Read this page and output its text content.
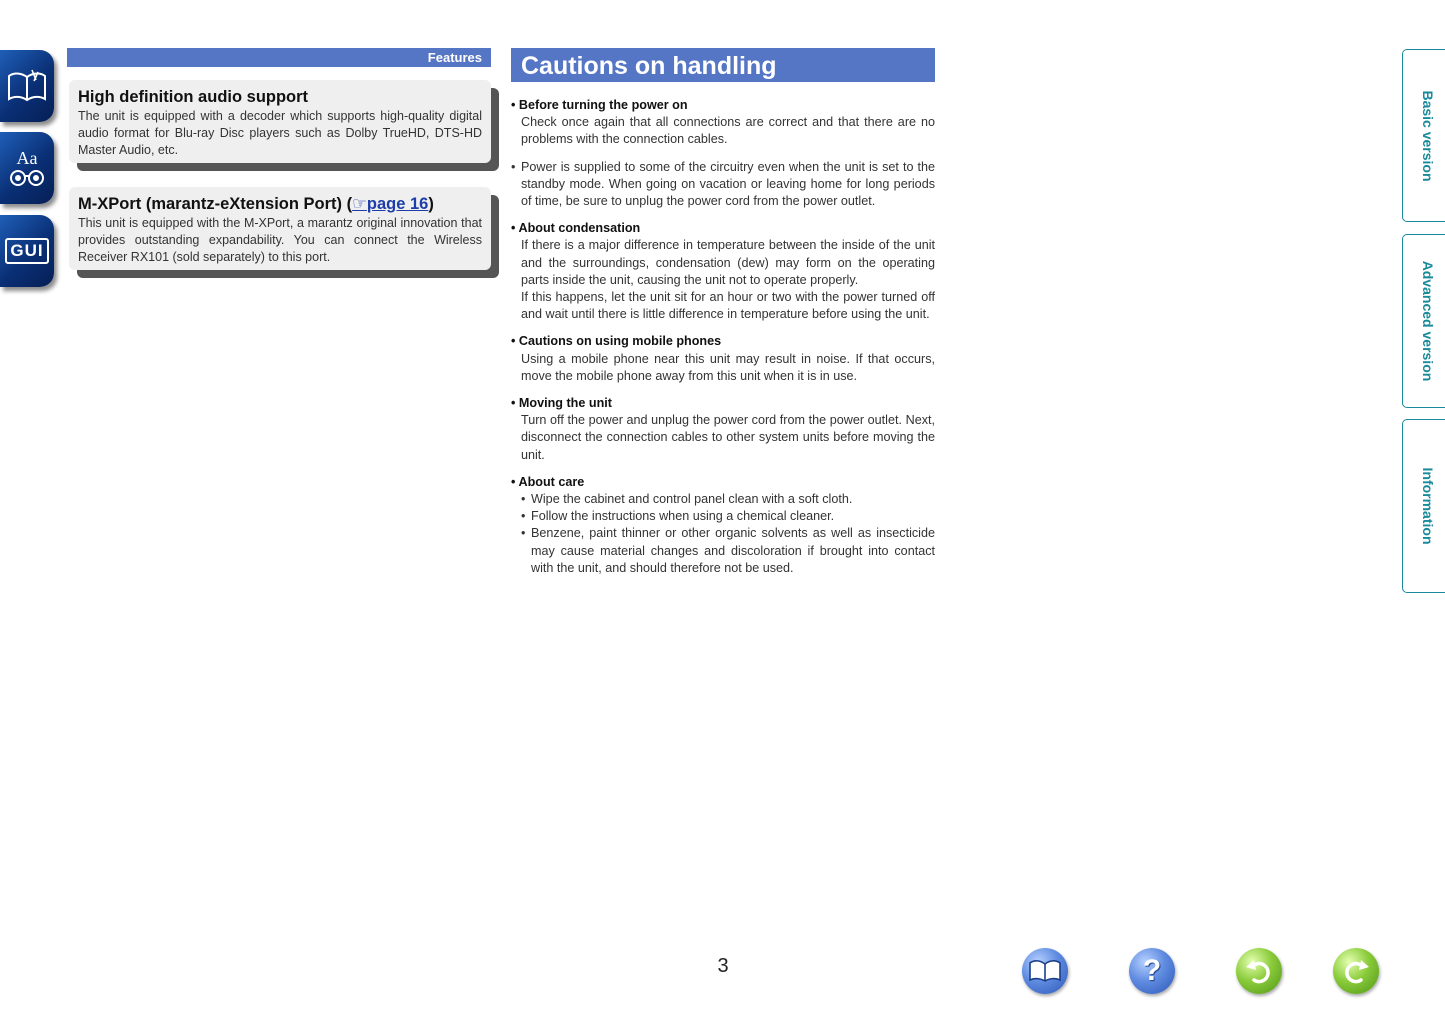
Aa
GUI
Features
High definition audio support
The unit is equipped with a decoder which supports high-quality digital audio format for Blu-ray Disc players such as Dolby TrueHD, DTS-HD Master Audio, etc.
M-XPort (marantz-eXtension Port) (☞page 16)
This unit is equipped with the M-XPort, a marantz original innovation that provides outstanding expandability. You can connect the Wireless Receiver RX101 (sold separately) to this port.
Cautions on handling
• Before turning the power on
Check once again that all connections are correct and that there are no problems with the connection cables.
• Power is supplied to some of the circuitry even when the unit is set to the standby mode. When going on vacation or leaving home for long periods of time, be sure to unplug the power cord from the power outlet.
• About condensation
If there is a major difference in temperature between the inside of the unit and the surroundings, condensation (dew) may form on the operating parts inside the unit, causing the unit not to operate properly.
If this happens, let the unit sit for an hour or two with the power turned off and wait until there is little difference in temperature before using the unit.
• Cautions on using mobile phones
Using a mobile phone near this unit may result in noise. If that occurs, move the mobile phone away from this unit when it is in use.
• Moving the unit
Turn off the power and unplug the power cord from the power outlet. Next, disconnect the connection cables to other system units before moving the unit.
• About care
• Wipe the cabinet and control panel clean with a soft cloth.
• Follow the instructions when using a chemical cleaner.
• Benzene, paint thinner or other organic solvents as well as insecticide may cause material changes and discoloration if brought into contact with the unit, and should therefore not be used.
Basic version
Advanced version
Information
3	?
